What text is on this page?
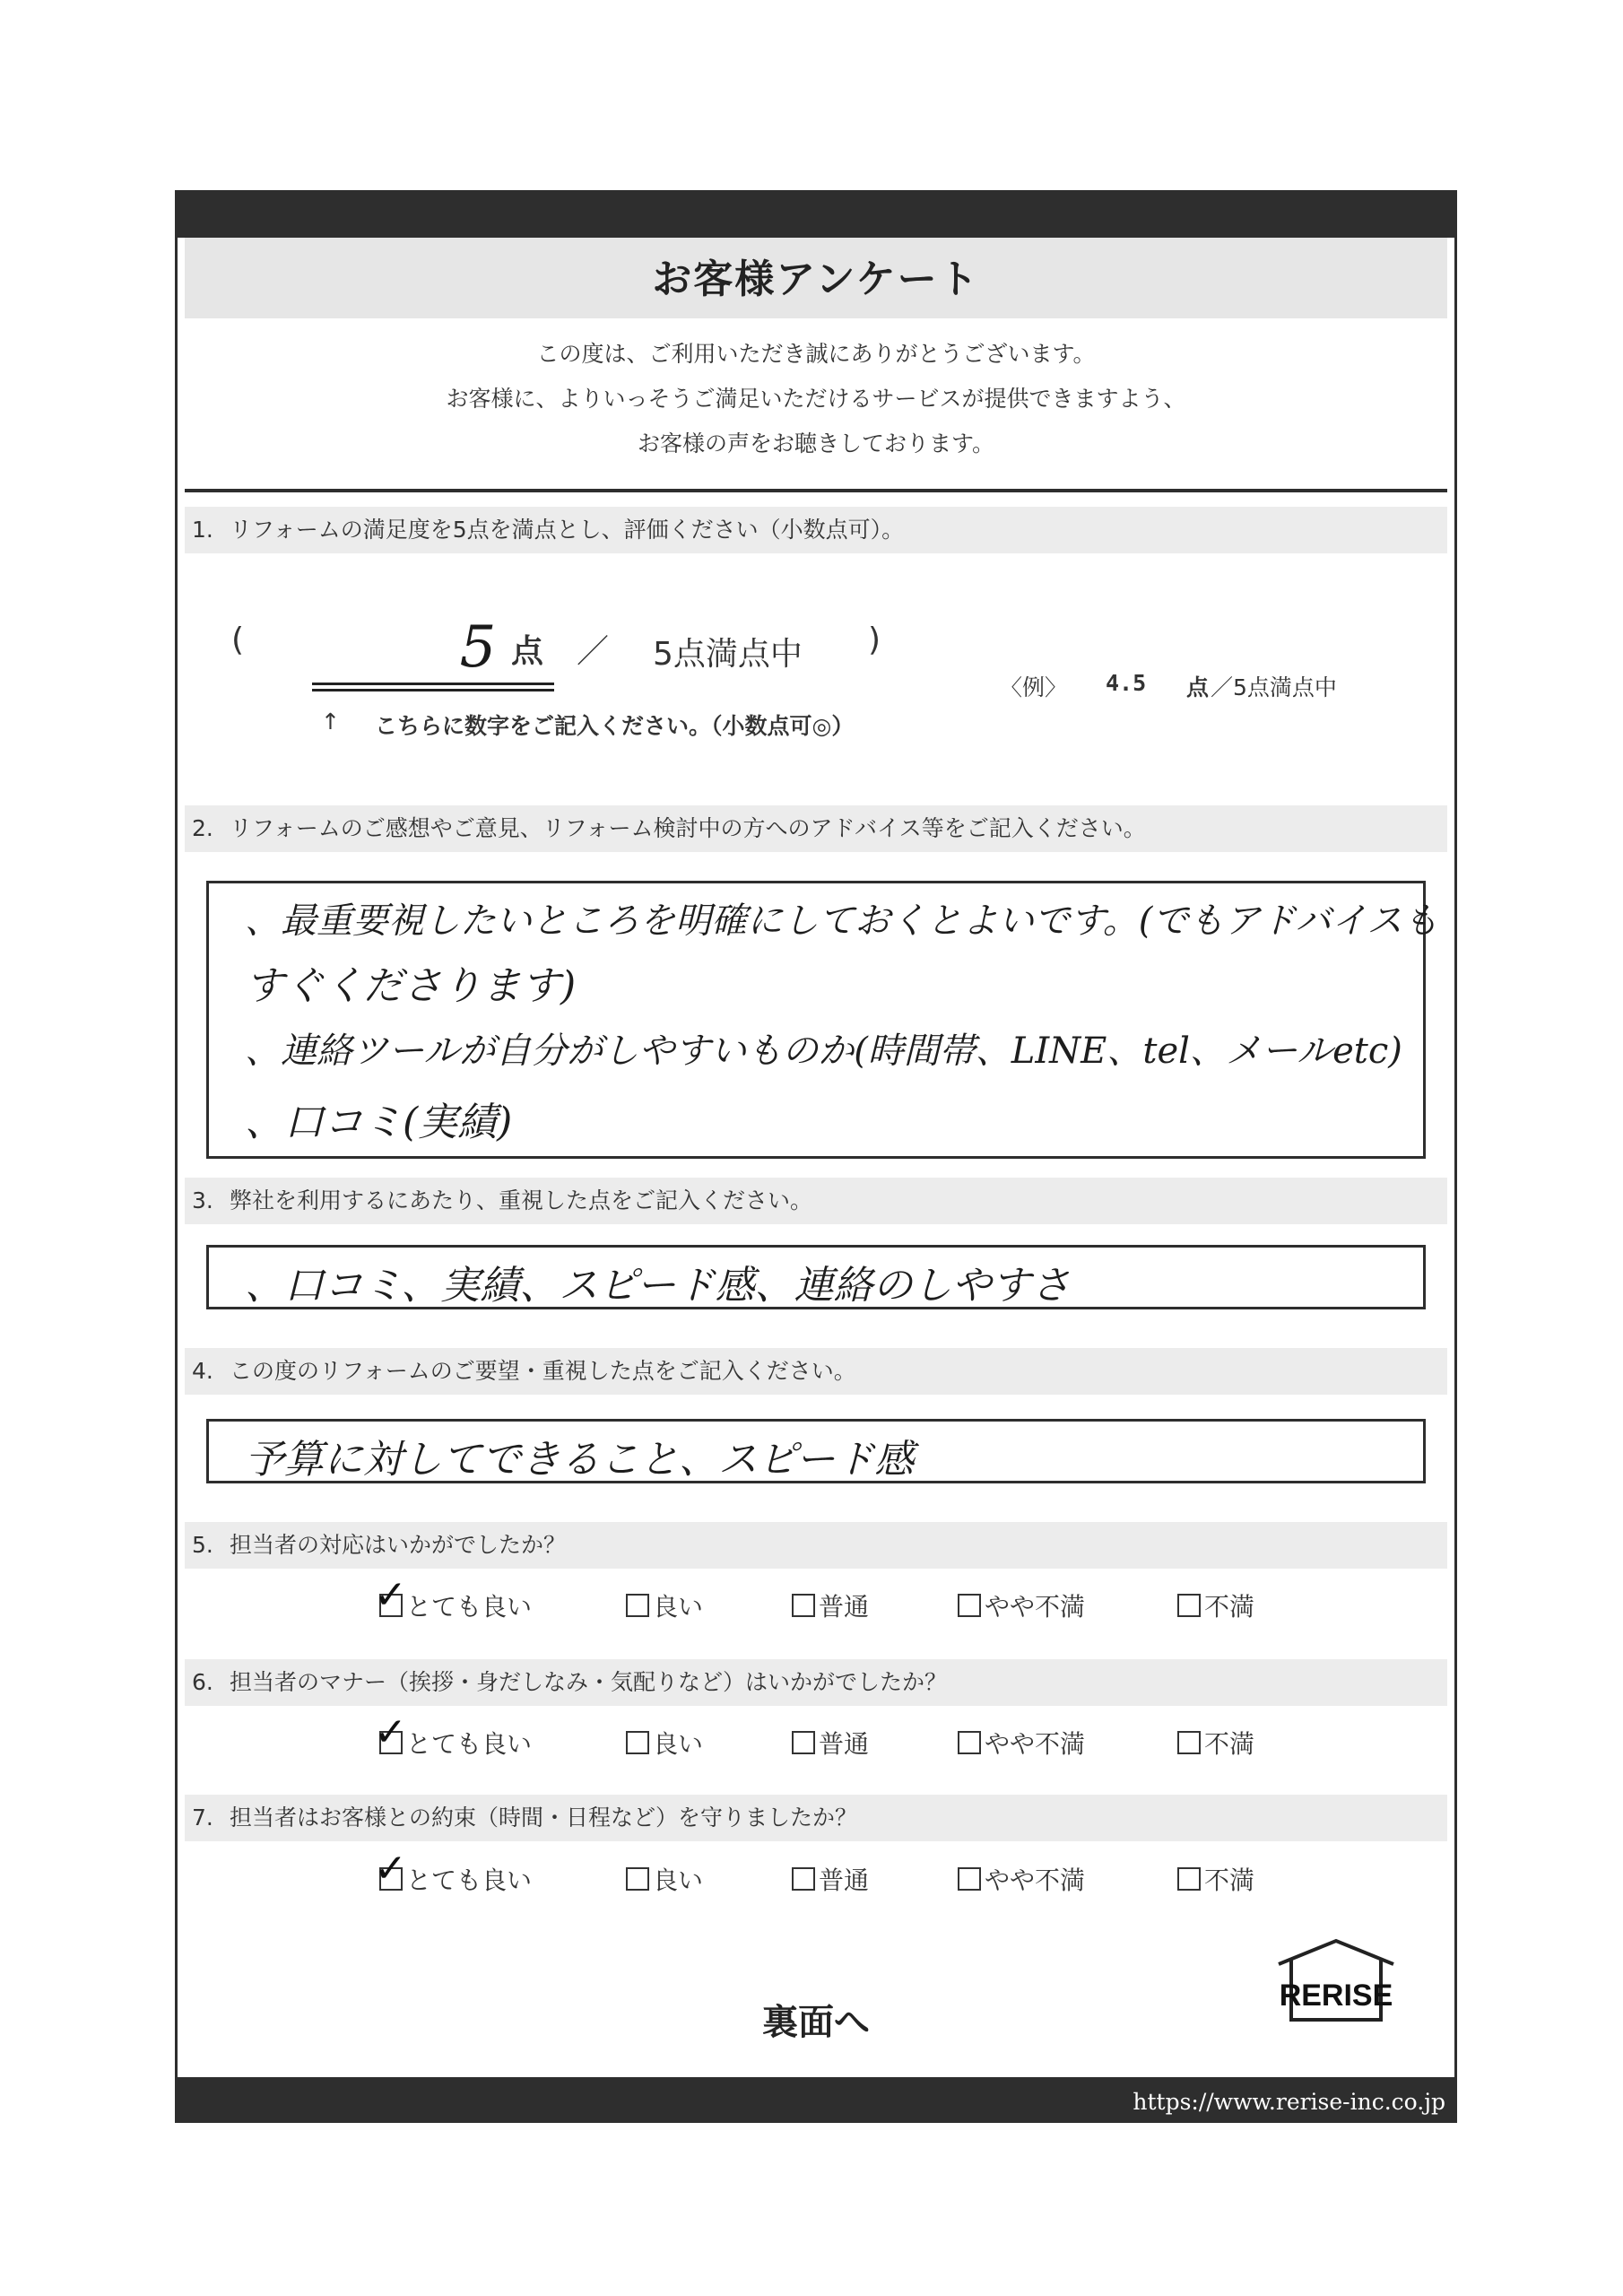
お客様アンケート
この度は、ご利用いただき誠にありがとうございます。
お客様に、よりいっそうご満足いただけるサービスが提供できますよう、
お客様の声をお聴きしております。
1. リフォームの満足度を5点を満点とし、評価ください（小数点可）。
(	5 点 ／ 5点満点中 )
↑ こちらに数字をご記入ください。（小数点可◎）
〈例〉 4.5 点 ／5点満点中
2. リフォームのご感想やご意見、リフォーム検討中の方へのアドバイス等をご記入ください。
、最重要視したいところを明確にしておくとよいです。(でもアドバイスも
すぐくださります)
、連絡ツールが自分がしやすいものか(時間帯、LINE、tel、メールetc)
、口コミ(実績)
3. 弊社を利用するにあたり、重視した点をご記入ください。
、口コミ、実績、スピード感、連絡のしやすさ
4. この度のリフォームのご要望・重視した点をご記入ください。
予算に対してできること、スピード感
5. 担当者の対応はいかがでしたか？
✓ とても良い	良い	普通	やや不満	不満
6. 担当者のマナー（挨拶・身だしなみ・気配りなど）はいかがでしたか？
✓ とても良い	良い	普通	やや不満	不満
7. 担当者はお客様との約束（時間・日程など）を守りましたか？
✓ とても良い	良い	普通	やや不満	不満
裏面へ
RERISE
https://www.rerise-inc.co.jp
